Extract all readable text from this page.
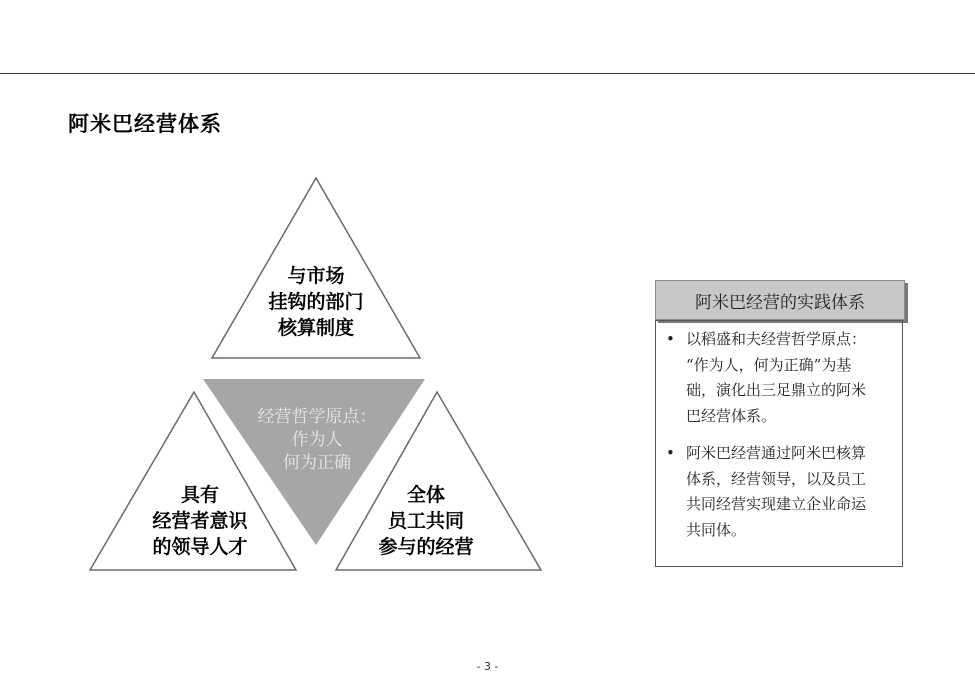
阿米巴经营体系
与市场
挂钩的部门
核算制度
具有
经营者意识
的领导人才
全体
员工共同
参与的经营
经营哲学原点：
作为人
何为正确
阿米巴经营的实践体系
• 以稻盛和夫经营哲学原点：
“作为人，何为正确”为基
础，演化出三足鼎立的阿米
巴经营体系。
• 阿米巴经营通过阿米巴核算
体系，经营领导，以及员工
共同经营实现建立企业命运
共同体。
- 3 -
